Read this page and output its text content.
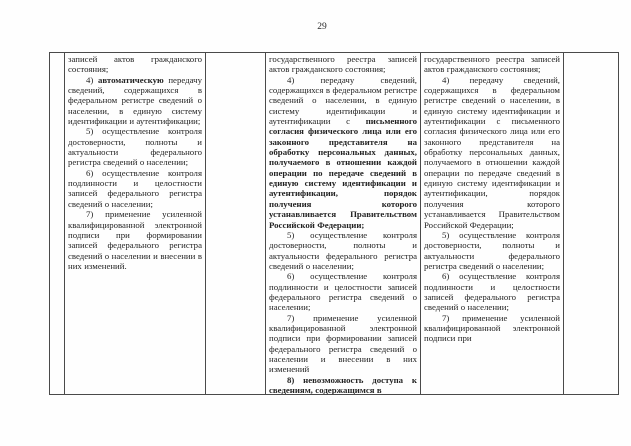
29

записей актов гражданского состояния;

4) автоматическую передачу сведений, содержащихся в федеральном регистре сведений о населении, в единую систему идентификации и аутентификации;

5) осуществление контроля достоверности, полноты и актуальности федерального регистра сведений о населении;

6) осуществление контроля подлинности и целостности записей федерального регистра сведений о населении;

7) применение усиленной квалифицированной электронной подписи при формировании записей федерального регистра сведений о населении и внесении в них изменений.

государственного реестра записей актов гражданского состояния;

4) передачу сведений, содержащихся в федеральном регистре сведений о населении, в единую систему идентификации и аутентификации с письменного согласия физического лица или его законного представителя на обработку персональных данных, получаемого в отношении каждой операции по передаче сведений в единую систему идентификации и аутентификации, порядок получения которого устанавливается Правительством Российской Федерации;

5) осуществление контроля достоверности, полноты и актуальности федерального регистра сведений о населении;

6) осуществление контроля подлинности и целостности записей федерального регистра сведений о населении;

7) применение усиленной квалифицированной электронной подписи при формировании записей федерального регистра сведений о населении и внесении в них изменений

8) невозможность доступа к сведениям, содержащимся в

государственного реестра записей актов гражданского состояния;

4) передачу сведений, содержащихся в федеральном регистре сведений о населении, в единую систему идентификации и аутентификации с письменного согласия физического лица или его законного представителя на обработку персональных данных, получаемого в отношении каждой операции по передаче сведений в единую систему идентификации и аутентификации, порядок получения которого устанавливается Правительством Российской Федерации;

5) осуществление контроля достоверности, полноты и актуальности федерального регистра сведений о населении;

6) осуществление контроля подлинности и целостности записей федерального регистра сведений о населении;

7) применение усиленной квалифицированной электронной подписи при
